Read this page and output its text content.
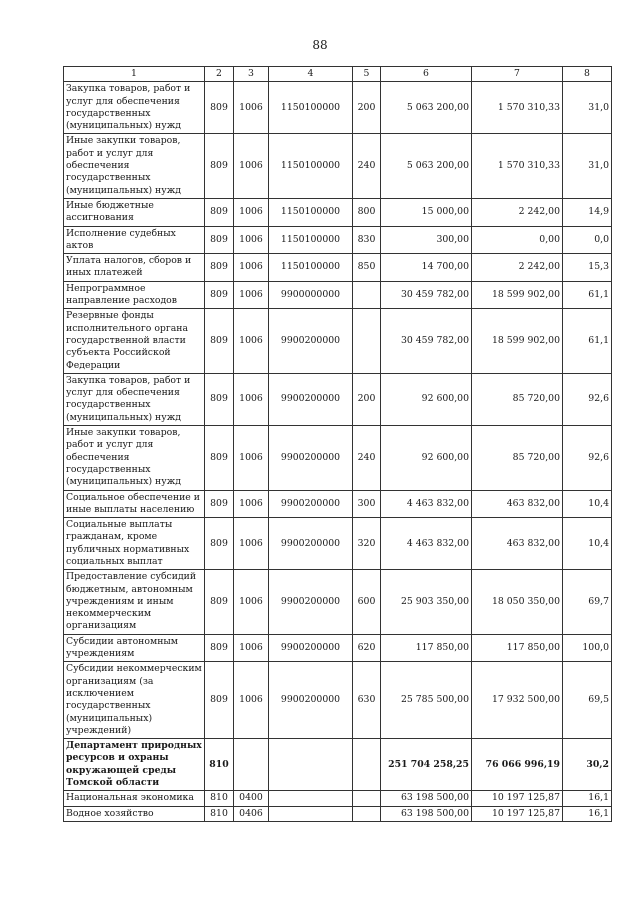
88
1	2	3	4	5	6	7	8
Закупка товаров, работ и услуг для обеспечения государственных (муниципальных) нужд	809	1006	1150100000	200	5 063 200,00	1 570 310,33	31,0
Иные закупки товаров, работ и услуг для обеспечения государственных (муниципальных) нужд	809	1006	1150100000	240	5 063 200,00	1 570 310,33	31,0
Иные бюджетные ассигнования	809	1006	1150100000	800	15 000,00	2 242,00	14,9
Исполнение судебных актов	809	1006	1150100000	830	300,00	0,00	0,0
Уплата налогов, сборов и иных платежей	809	1006	1150100000	850	14 700,00	2 242,00	15,3
Непрограммное направление расходов	809	1006	9900000000		30 459 782,00	18 599 902,00	61,1
Резервные фонды исполнительного органа государственной власти субъекта Российской Федерации	809	1006	9900200000		30 459 782,00	18 599 902,00	61,1
Закупка товаров, работ и услуг для обеспечения государственных (муниципальных) нужд	809	1006	9900200000	200	92 600,00	85 720,00	92,6
Иные закупки товаров, работ и услуг для обеспечения государственных (муниципальных) нужд	809	1006	9900200000	240	92 600,00	85 720,00	92,6
Социальное обеспечение и иные выплаты населению	809	1006	9900200000	300	4 463 832,00	463 832,00	10,4
Социальные выплаты гражданам, кроме публичных нормативных социальных выплат	809	1006	9900200000	320	4 463 832,00	463 832,00	10,4
Предоставление субсидий бюджетным, автономным учреждениям и иным некоммерческим организациям	809	1006	9900200000	600	25 903 350,00	18 050 350,00	69,7
Субсидии автономным учреждениям	809	1006	9900200000	620	117 850,00	117 850,00	100,0
Субсидии некоммерческим организациям (за исключением государственных (муниципальных) учреждений)	809	1006	9900200000	630	25 785 500,00	17 932 500,00	69,5
Департамент природных ресурсов и охраны окружающей среды Томской области	810				251 704 258,25	76 066 996,19	30,2
Национальная экономика	810	0400			63 198 500,00	10 197 125,87	16,1
Водное хозяйство	810	0406			63 198 500,00	10 197 125,87	16,1
